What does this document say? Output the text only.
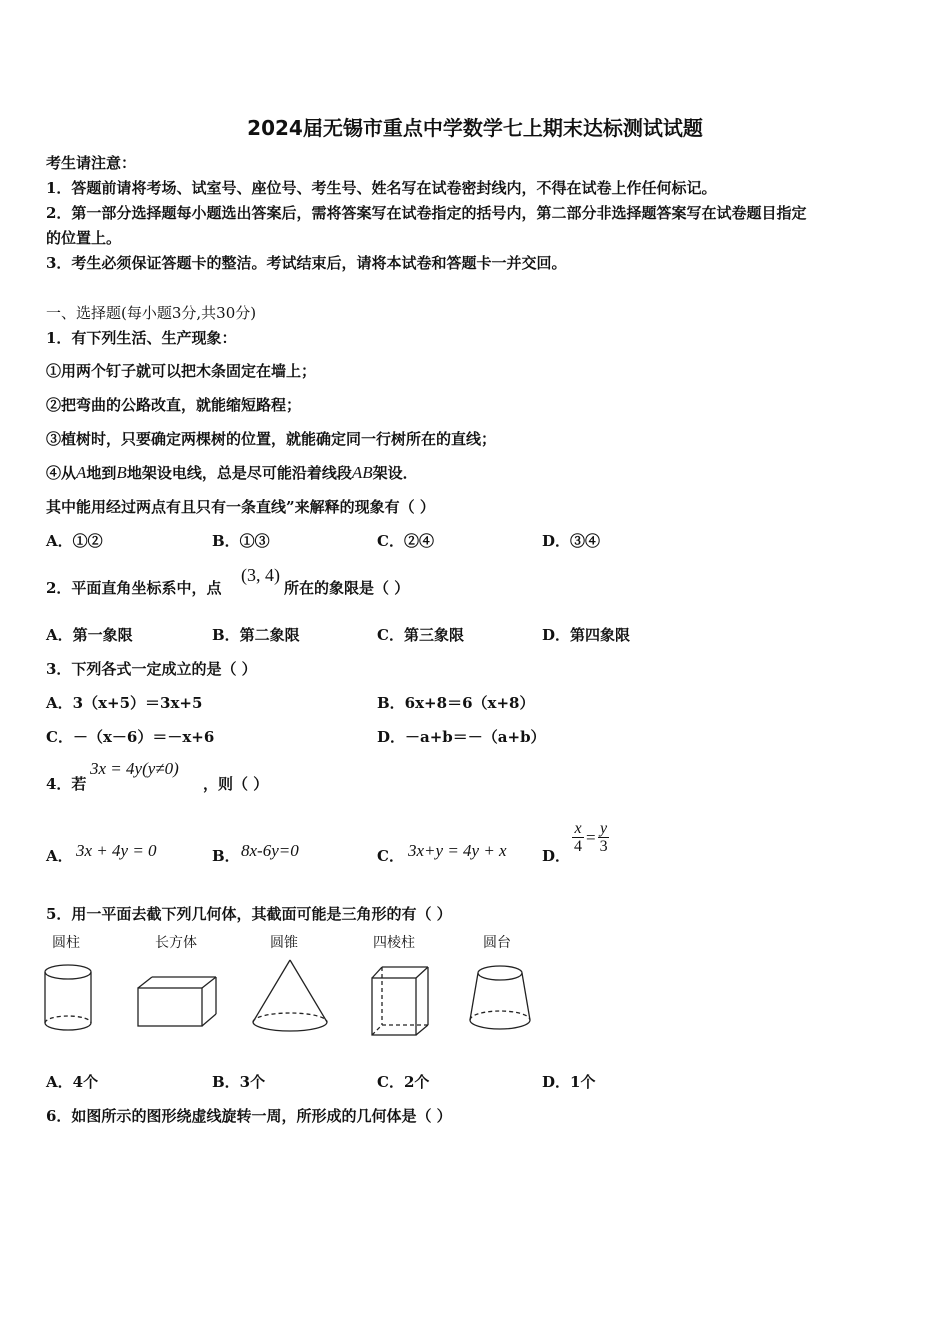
2024届无锡市重点中学数学七上期末达标测试试题
考生请注意：
1．答题前请将考场、试室号、座位号、考生号、姓名写在试卷密封线内，不得在试卷上作任何标记。
2．第一部分选择题每小题选出答案后，需将答案写在试卷指定的括号内，第二部分非选择题答案写在试卷题目指定
的位置上。
3．考生必须保证答题卡的整洁。考试结束后，请将本试卷和答题卡一并交回。
一、选择题(每小题3分,共30分)
1．有下列生活、生产现象：
①用两个钉子就可以把木条固定在墙上；
②把弯曲的公路改直，就能缩短路程；
③植树时，只要确定两棵树的位置，就能确定同一行树所在的直线；
④从A地到B地架设电线，总是尽可能沿着线段AB架设．
其中能用经过两点有且只有一条直线”来解释的现象有（ ）
A．①②	B．①③	C．②④	D．③④
2．平面直角坐标系中，点
(3, 4)
所在的象限是（ ）
A．第一象限	B．第二象限	C．第三象限	D．第四象限
3．下列各式一定成立的是（ ）
A．3（x+5）＝3x+5	B．6x+8＝6（x+8）
C．－（x－6）＝－x+6	D．－a+b＝－（a+b）
4．若
3x = 4y(y≠0)
，则（ ）
A． 3x + 4y = 0	B． 8x-6y=0	C． 3x+y = 4y + x D．
$\frac{x}{4} = \frac{y}{3}$
5．用一平面去截下列几何体，其截面可能是三角形的有（ ）
圆柱	长方体	圆锥	四棱柱	圆台
A．4个	B．3个	C．2个	D．1个
6．如图所示的图形绕虚线旋转一周，所形成的几何体是（ ）
